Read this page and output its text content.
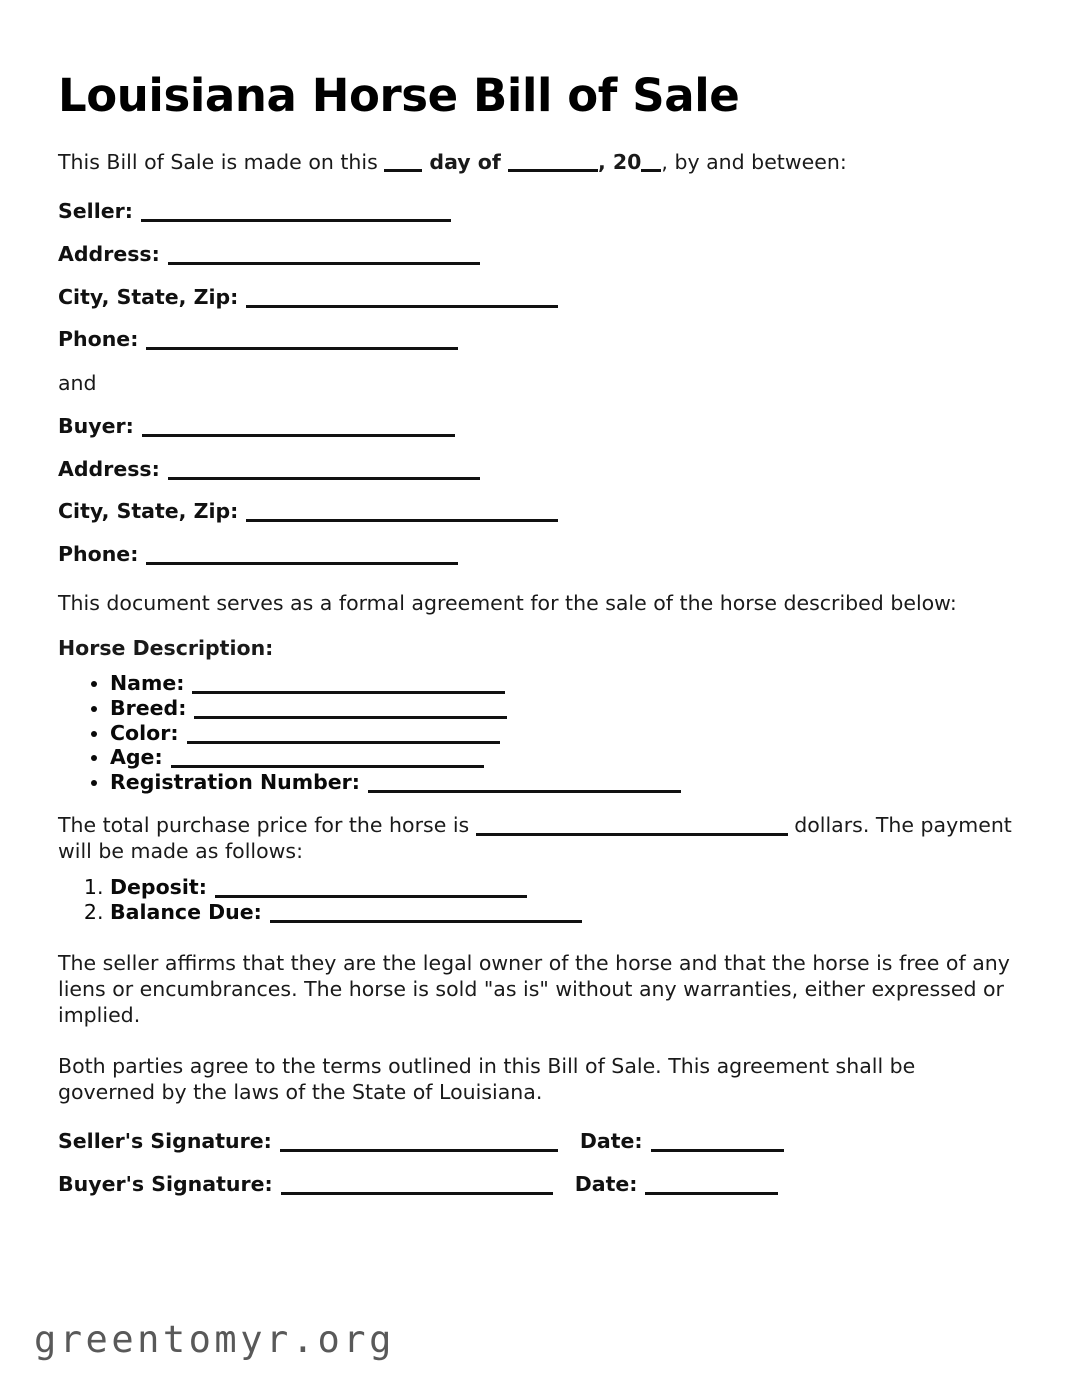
Louisiana Horse Bill of Sale

This Bill of Sale is made on this  day of	, 20 , by and between:

Seller:
Address:
City, State, Zip:
Phone:

and

Buyer:
Address:
City, State, Zip:
Phone:

This document serves as a formal agreement for the sale of the horse described below:

Horse Description:

• Name:
• Breed:
• Color:
• Age:
• Registration Number:

The total purchase price for the horse is	dollars. The payment will be made as follows:

1. Deposit:
2. Balance Due:

The seller affirms that they are the legal owner of the horse and that the horse is free of any liens or encumbrances. The horse is sold "as is" without any warranties, either expressed or implied.

Both parties agree to the terms outlined in this Bill of Sale. This agreement shall be governed by the laws of the State of Louisiana.

Seller's Signature:	Date:
Buyer's Signature:	Date:
greentomyr.org
